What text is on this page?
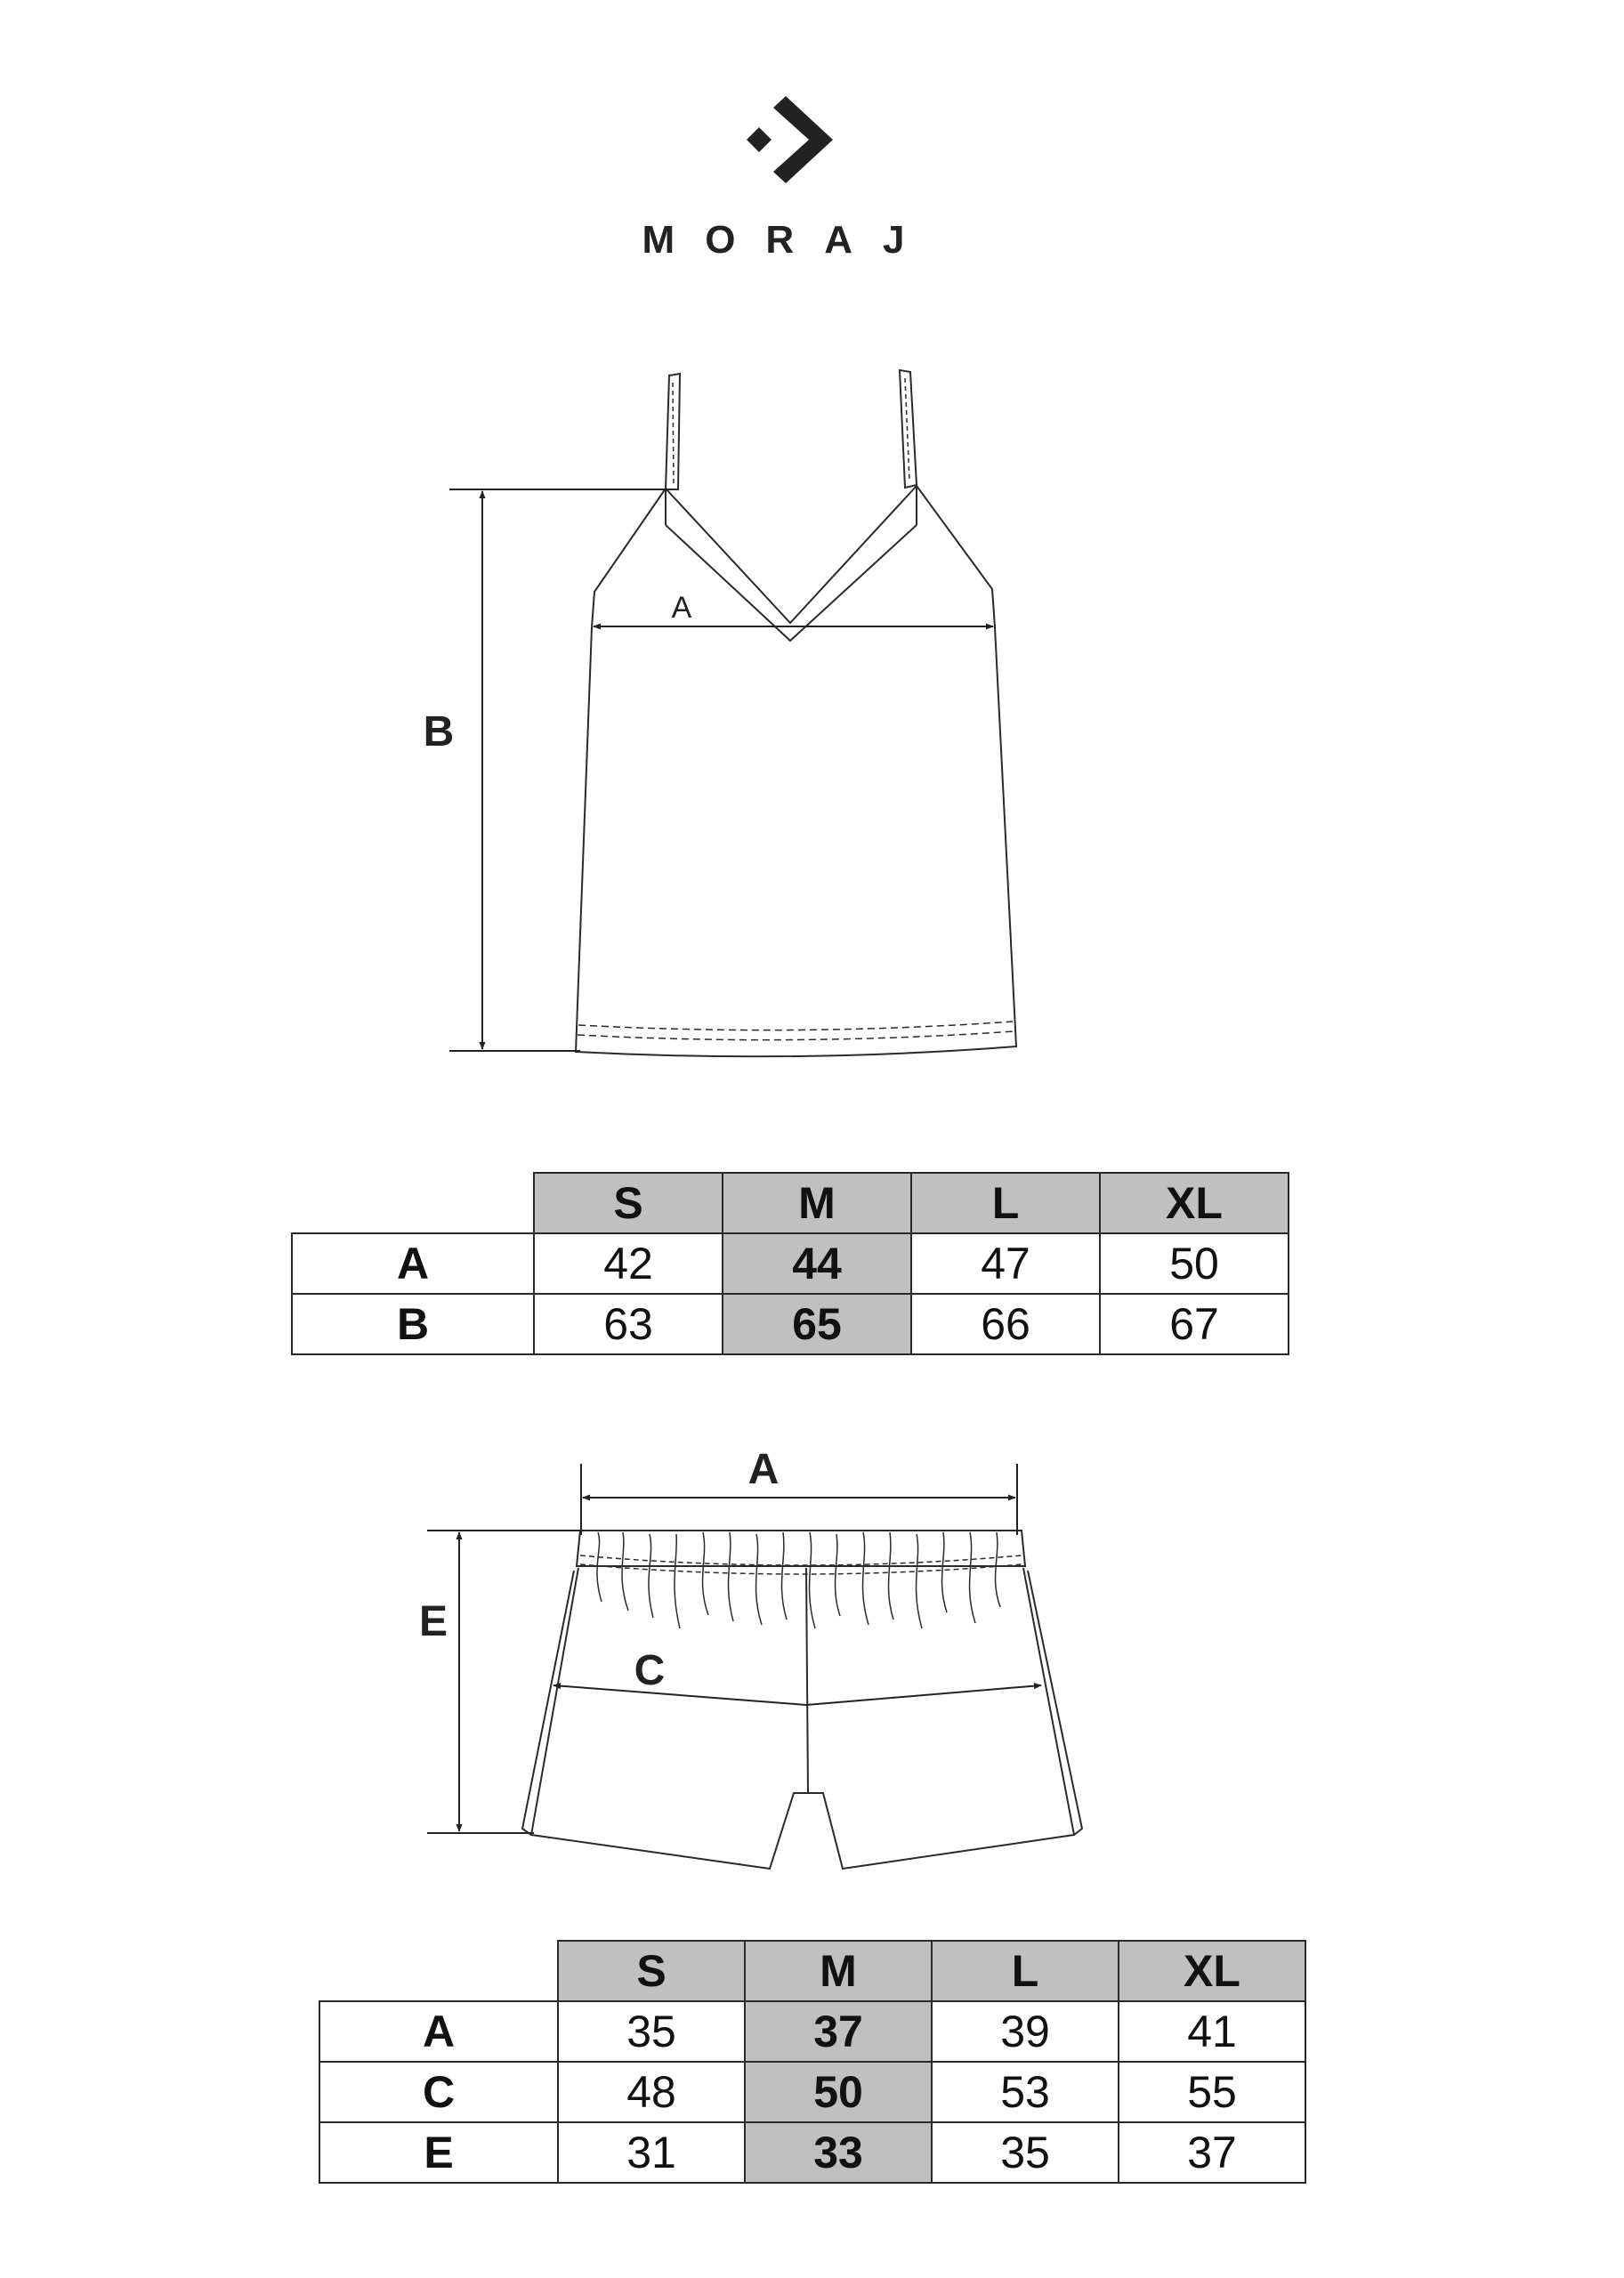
MORAJ
A
B
A
C
E
	S	M	L	XL
A	42	44	47	50
B	63	65	66	67
	S	M	L	XL
A	35	37	39	41
C	48	50	53	55
E	31	33	35	37
